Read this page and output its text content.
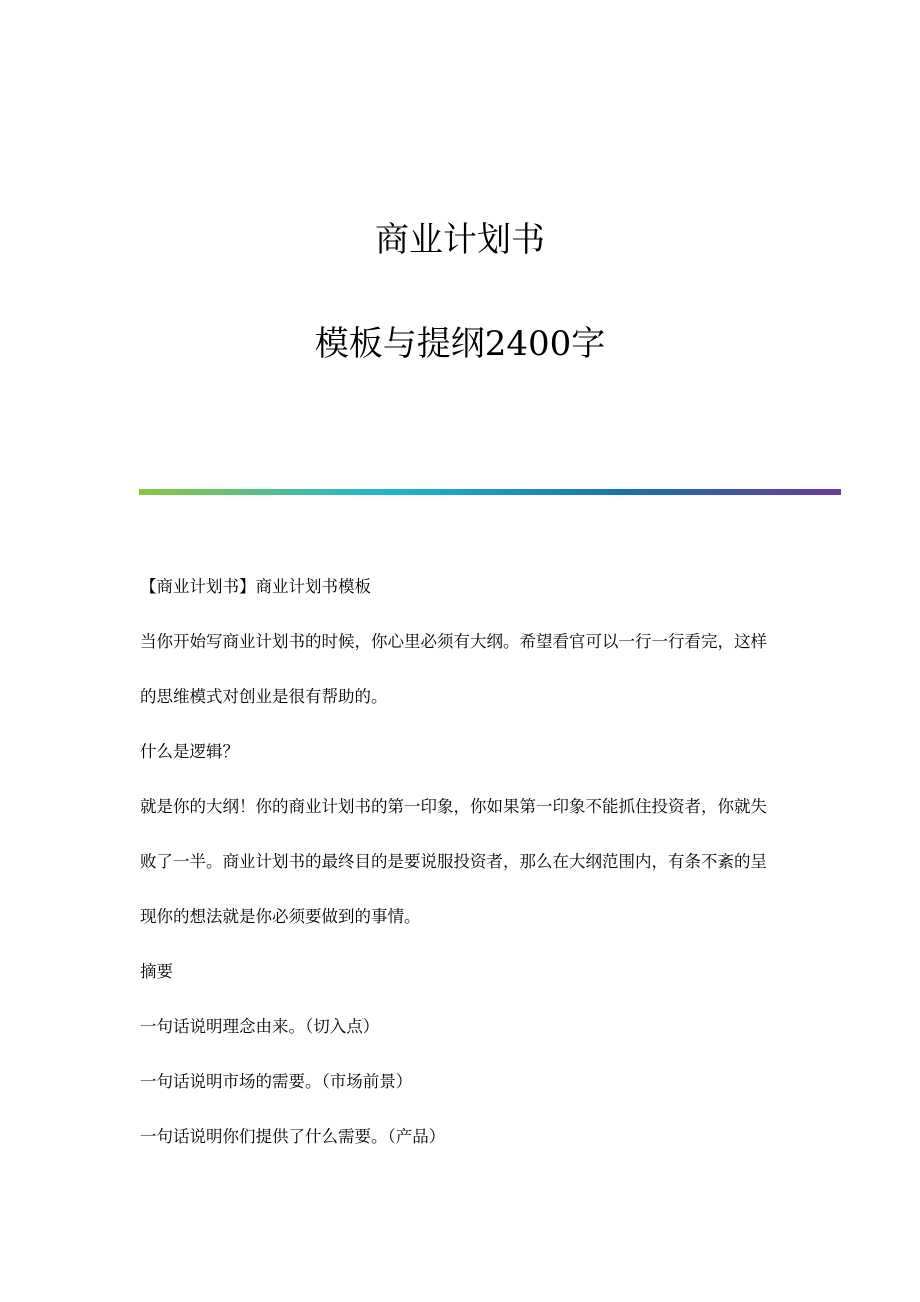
商业计划书
模板与提纲2400字

【商业计划书】商业计划书模板

当你开始写商业计划书的时候，你心里必须有大纲。希望看官可以一行一行看完，这样的思维模式对创业是很有帮助的。

什么是逻辑？

就是你的大纲！你的商业计划书的第一印象，你如果第一印象不能抓住投资者，你就失败了一半。商业计划书的最终目的是要说服投资者，那么在大纲范围内，有条不紊的呈现你的想法就是你必须要做到的事情。

摘要

一句话说明理念由来。（切入点）

一句话说明市场的需要。（市场前景）

一句话说明你们提供了什么需要。（产品）
